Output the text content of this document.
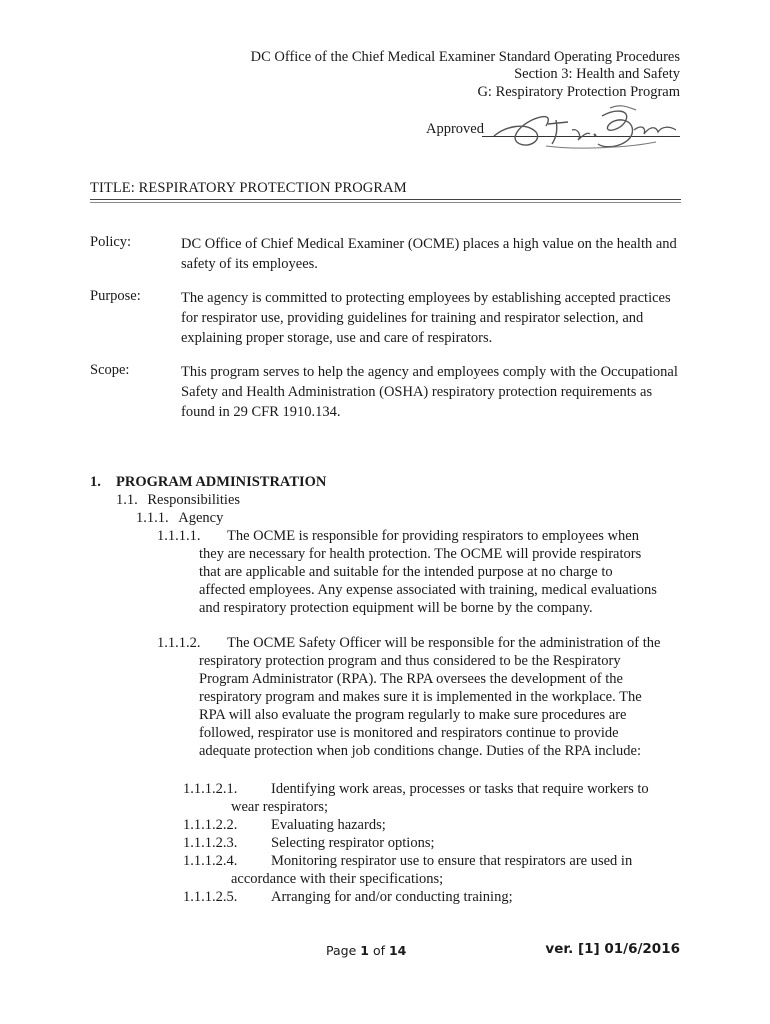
DC Office of the Chief Medical Examiner Standard Operating Procedures
Section 3: Health and Safety
G: Respiratory Protection Program
Approved
TITLE: RESPIRATORY PROTECTION PROGRAM
Policy:	DC Office of Chief Medical Examiner (OCME) places a high value on the health and safety of its employees.
Purpose:	The agency is committed to protecting employees by establishing accepted practices for respirator use, providing guidelines for training and respirator selection, and explaining proper storage, use and care of respirators.
Scope:	This program serves to help the agency and employees comply with the Occupational Safety and Health Administration (OSHA) respiratory protection requirements as found in 29 CFR 1910.134.
1. PROGRAM ADMINISTRATION
1.1. Responsibilities
1.1.1. Agency
1.1.1.1. The OCME is responsible for providing respirators to employees when
they are necessary for health protection. The OCME will provide respirators
that are applicable and suitable for the intended purpose at no charge to
affected employees. Any expense associated with training, medical evaluations
and respiratory protection equipment will be borne by the company.
1.1.1.2. The OCME Safety Officer will be responsible for the administration of the
respiratory protection program and thus considered to be the Respiratory
Program Administrator (RPA). The RPA oversees the development of the
respiratory program and makes sure it is implemented in the workplace. The
RPA will also evaluate the program regularly to make sure procedures are
followed, respirator use is monitored and respirators continue to provide
adequate protection when job conditions change. Duties of the RPA include:
1.1.1.2.1. Identifying work areas, processes or tasks that require workers to
wear respirators;
1.1.1.2.2. Evaluating hazards;
1.1.1.2.3. Selecting respirator options;
1.1.1.2.4. Monitoring respirator use to ensure that respirators are used in
accordance with their specifications;
1.1.1.2.5. Arranging for and/or conducting training;
Page 1 of 14	ver. [1] 01/6/2016
